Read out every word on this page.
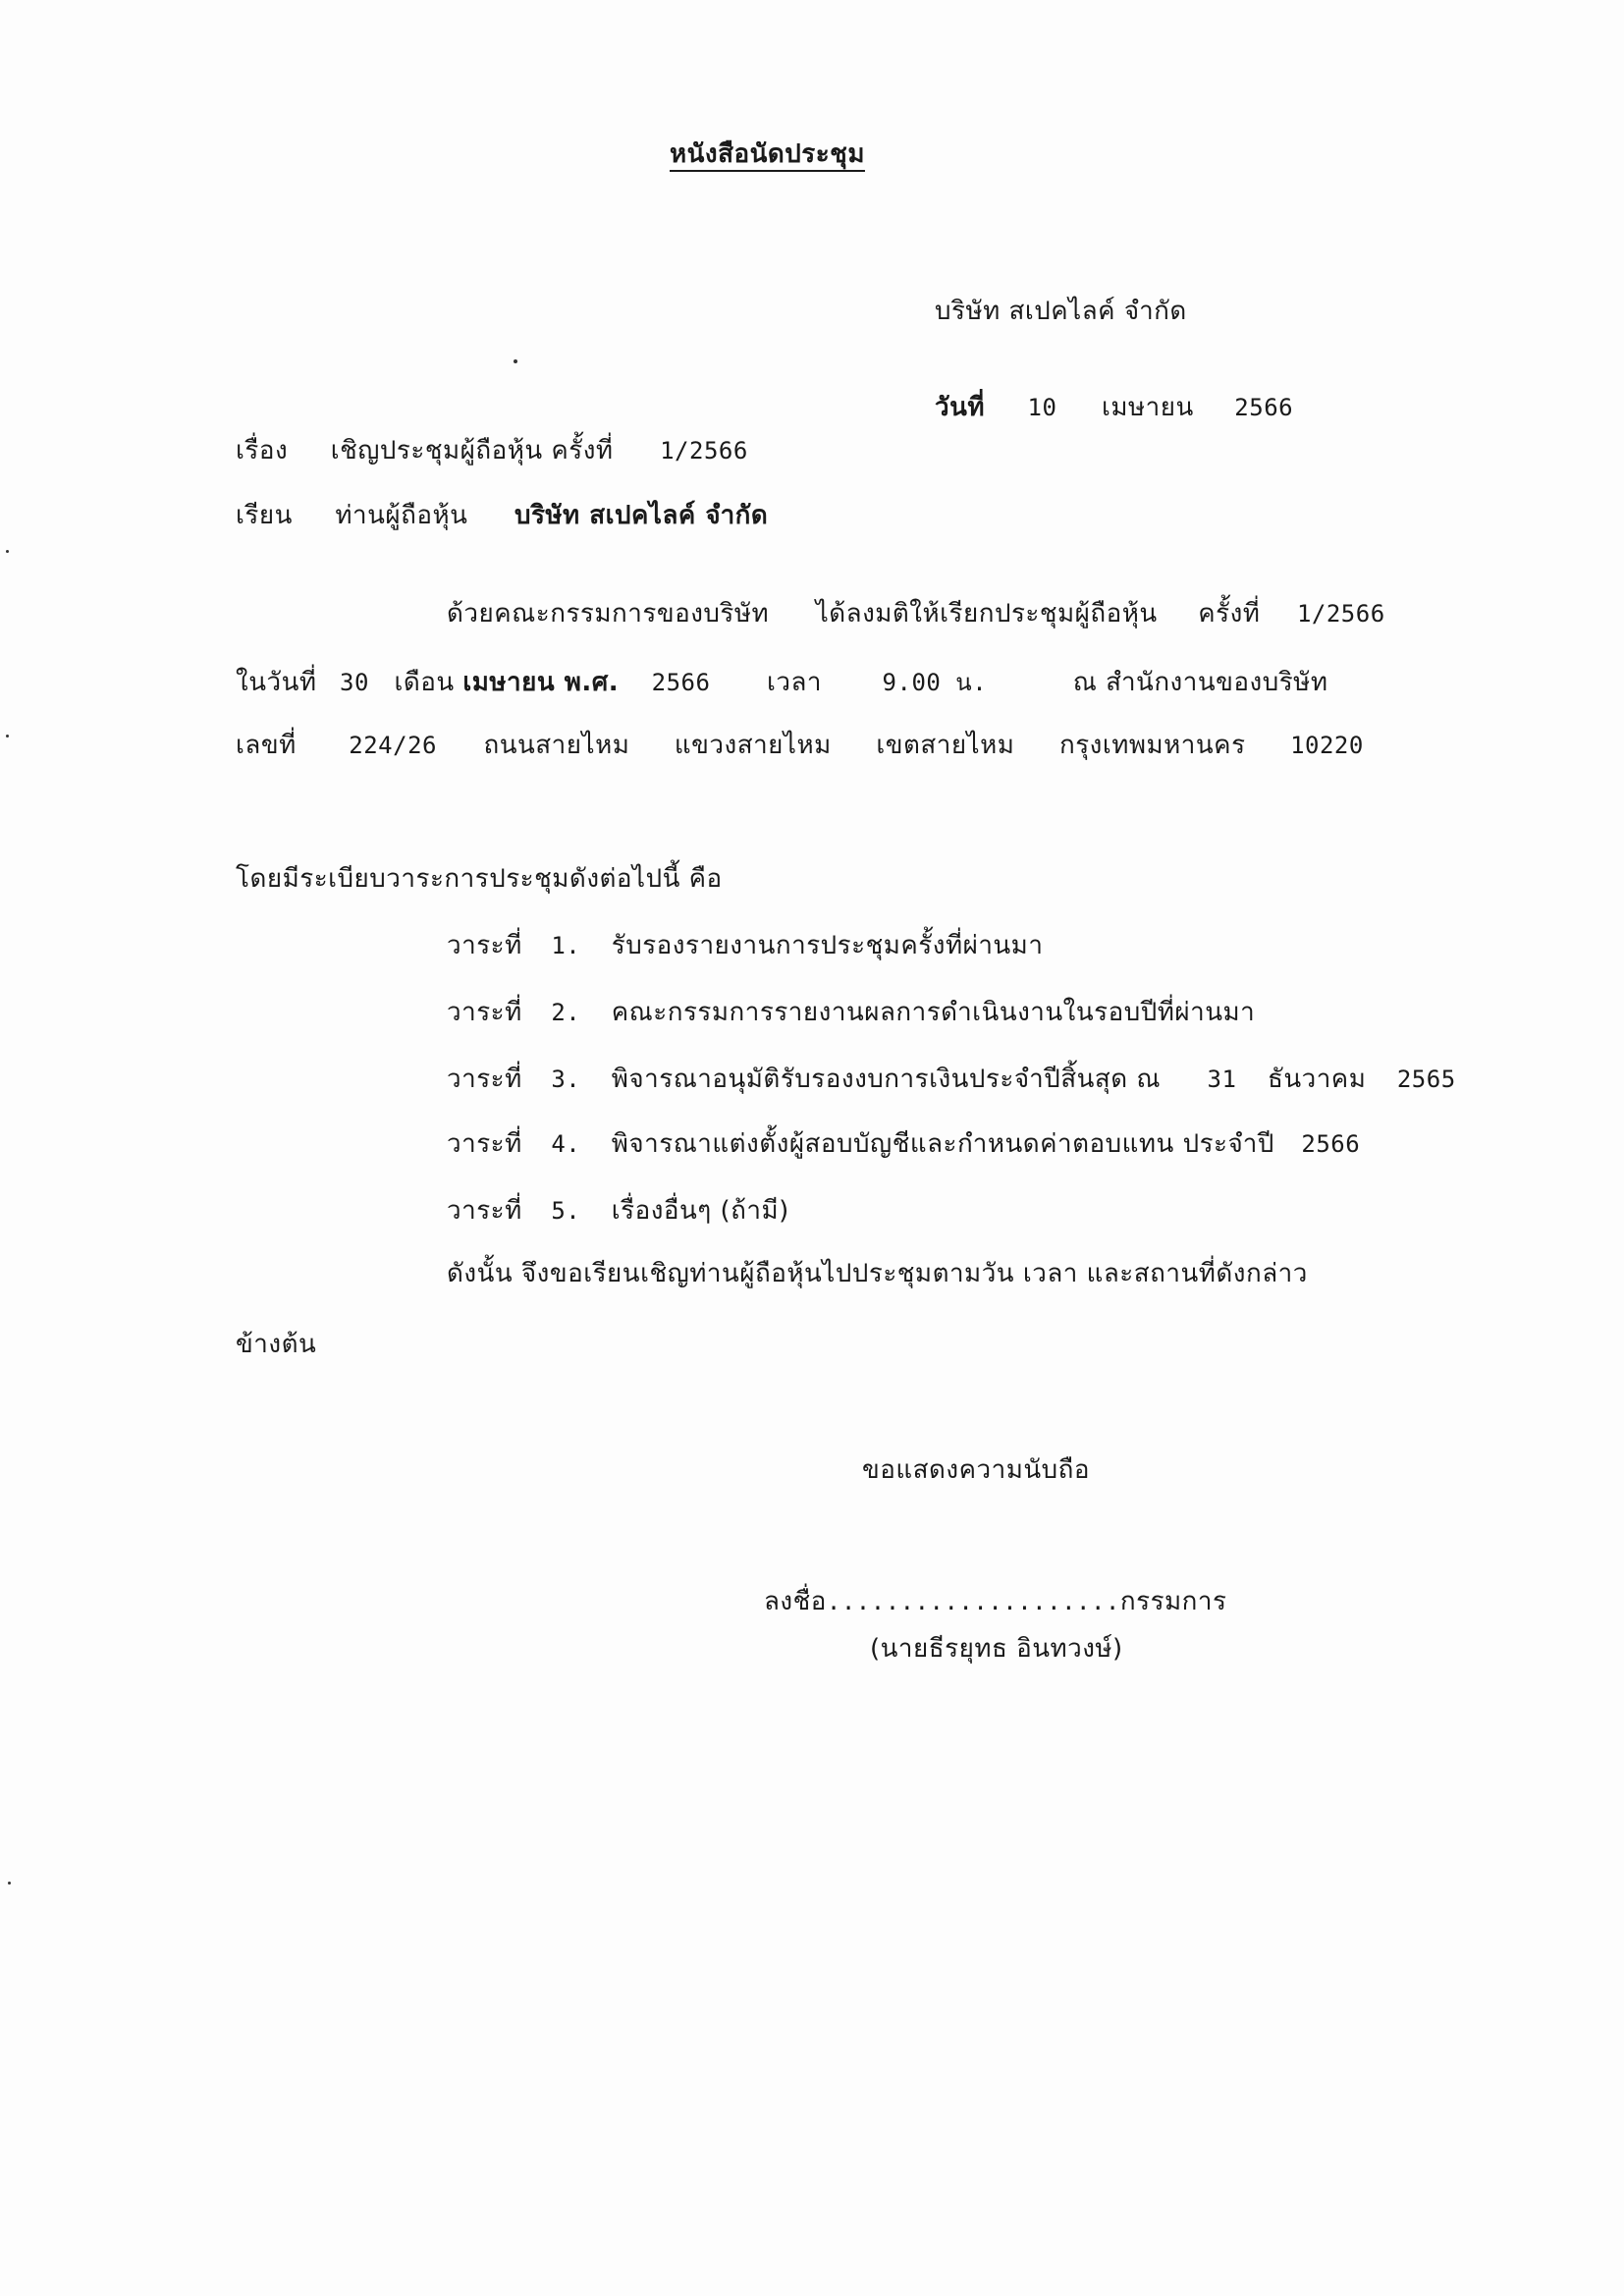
หนังสือนัดประชุม
บริษัท สเปคไลค์ จำกัด
วันที่ 10 เมษายน 2566
เรื่อง เชิญประชุมผู้ถือหุ้น ครั้งที่ 1/2566
เรียน ท่านผู้ถือหุ้น บริษัท สเปคไลค์ จำกัด
ด้วยคณะกรรมการของบริษัท ได้ลงมติให้เรียกประชุมผู้ถือหุ้น ครั้งที่ 1/2566
ในวันที่ 30 เดือน เมษายน พ.ศ. 2566 เวลา	9.00 น.	ณ สำนักงานของบริษัท
เลขที่ 224/26 ถนนสายไหม แขวงสายไหม เขตสายไหม กรุงเทพมหานคร 10220
โดยมีระเบียบวาระการประชุมดังต่อไปนี้ คือ
วาระที่ 1. รับรองรายงานการประชุมครั้งที่ผ่านมา
วาระที่ 2. คณะกรรมการรายงานผลการดำเนินงานในรอบปีที่ผ่านมา
วาระที่ 3. พิจารณาอนุมัติรับรองงบการเงินประจำปีสิ้นสุด ณ 31 ธันวาคม 2565
วาระที่ 4. พิจารณาแต่งตั้งผู้สอบบัญชีและกำหนดค่าตอบแทน ประจำปี 2566
วาระที่ 5. เรื่องอื่นๆ (ถ้ามี)
ดังนั้น จึงขอเรียนเชิญท่านผู้ถือหุ้นไปประชุมตามวัน เวลา และสถานที่ดังกล่าว
ข้างต้น
ขอแสดงความนับถือ
ลงชื่อ....................กรรมการ
(นายธีรยุทธ อินทวงษ์)
